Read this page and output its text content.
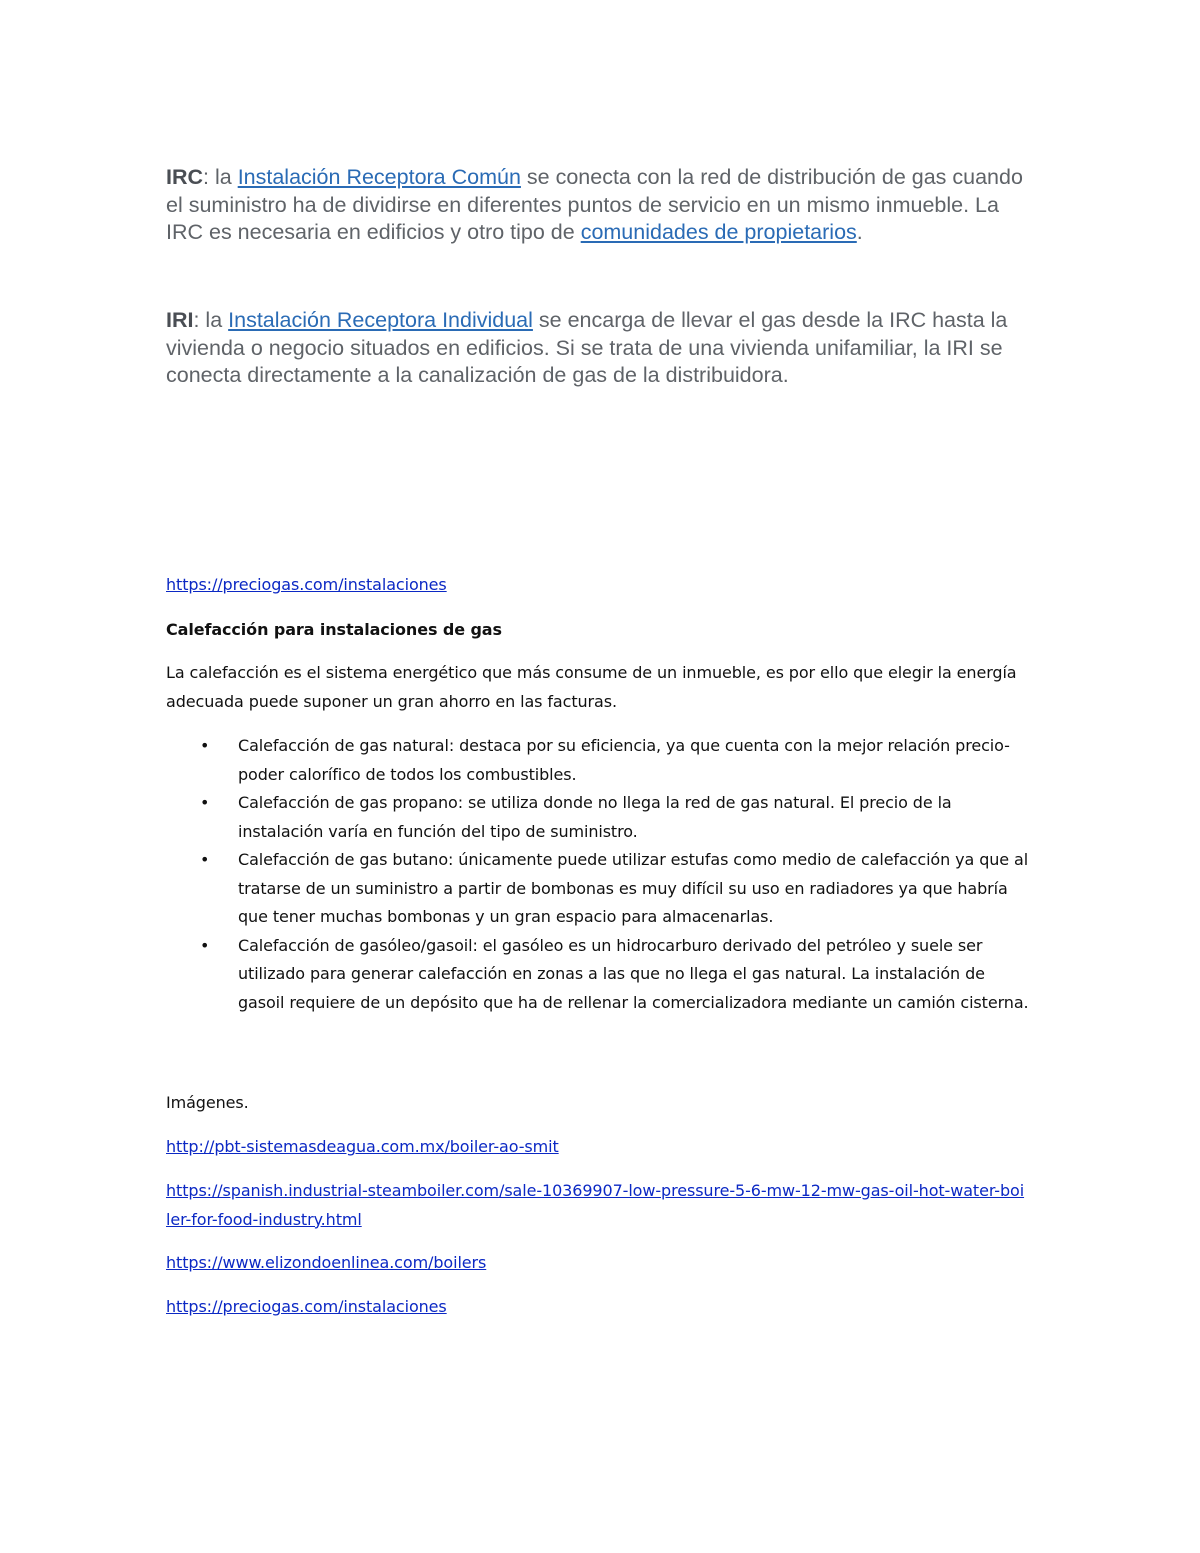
IRC: la Instalación Receptora Común se conecta con la red de distribución de gas cuando el suministro ha de dividirse en diferentes puntos de servicio en un mismo inmueble. La IRC es necesaria en edificios y otro tipo de comunidades de propietarios.

IRI: la Instalación Receptora Individual se encarga de llevar el gas desde la IRC hasta la vivienda o negocio situados en edificios. Si se trata de una vivienda unifamiliar, la IRI se conecta directamente a la canalización de gas de la distribuidora.

https://preciogas.com/instalaciones

Calefacción para instalaciones de gas

La calefacción es el sistema energético que más consume de un inmueble, es por ello que elegir la energía adecuada puede suponer un gran ahorro en las facturas.

• Calefacción de gas natural: destaca por su eficiencia, ya que cuenta con la mejor relación precio-poder calorífico de todos los combustibles.
• Calefacción de gas propano: se utiliza donde no llega la red de gas natural. El precio de la instalación varía en función del tipo de suministro.
• Calefacción de gas butano: únicamente puede utilizar estufas como medio de calefacción ya que al tratarse de un suministro a partir de bombonas es muy difícil su uso en radiadores ya que habría que tener muchas bombonas y un gran espacio para almacenarlas.
• Calefacción de gasóleo/gasoil: el gasóleo es un hidrocarburo derivado del petróleo y suele ser utilizado para generar calefacción en zonas a las que no llega el gas natural. La instalación de gasoil requiere de un depósito que ha de rellenar la comercializadora mediante un camión cisterna.

Imágenes.

http://pbt-sistemasdeagua.com.mx/boiler-ao-smit

https://spanish.industrial-steamboiler.com/sale-10369907-low-pressure-5-6-mw-12-mw-gas-oil-hot-water-boiler-for-food-industry.html

https://www.elizondoenlinea.com/boilers

https://preciogas.com/instalaciones
